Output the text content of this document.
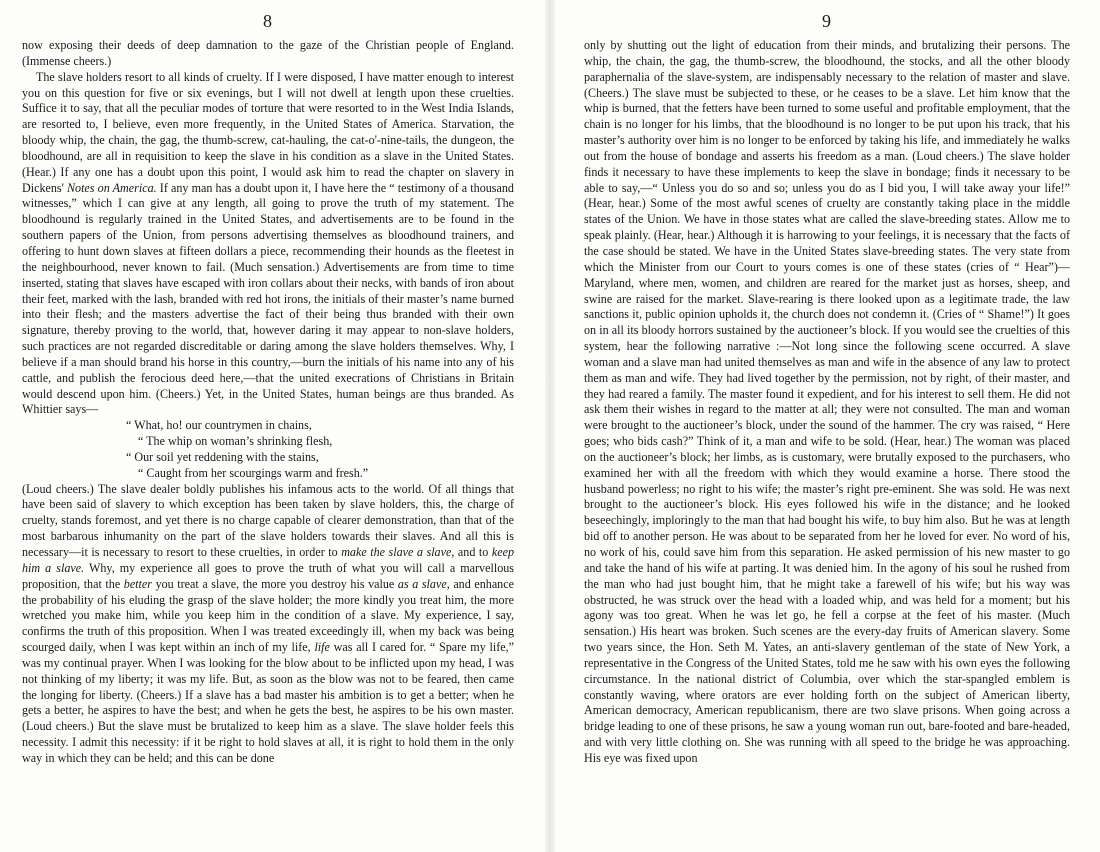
8

now exposing their deeds of deep damnation to the gaze of the Christian people of England. (Immense cheers.)

The slave holders resort to all kinds of cruelty. If I were disposed, I have matter enough to interest you on this question for five or six evenings, but I will not dwell at length upon these cruelties. Suffice it to say, that all the peculiar modes of torture that were resorted to in the West India Islands, are resorted to, I believe, even more frequently, in the United States of America. Starvation, the bloody whip, the chain, the gag, the thumb-screw, cat-hauling, the cat-o'-nine-tails, the dungeon, the bloodhound, are all in requisition to keep the slave in his condition as a slave in the United States. (Hear.) If any one has a doubt upon this point, I would ask him to read the chapter on slavery in Dickens' Notes on America. If any man has a doubt upon it, I have here the “ testimony of a thousand witnesses,” which I can give at any length, all going to prove the truth of my statement. The bloodhound is regularly trained in the United States, and advertisements are to be found in the southern papers of the Union, from persons advertising themselves as bloodhound trainers, and offering to hunt down slaves at fifteen dollars a piece, recommending their hounds as the fleetest in the neighbourhood, never known to fail. (Much sensation.) Advertisements are from time to time inserted, stating that slaves have escaped with iron collars about their necks, with bands of iron about their feet, marked with the lash, branded with red hot irons, the initials of their master’s name burned into their flesh; and the masters advertise the fact of their being thus branded with their own signature, thereby proving to the world, that, however daring it may appear to non-slave holders, such practices are not regarded discreditable or daring among the slave holders themselves. Why, I believe if a man should brand his horse in this country,—burn the initials of his name into any of his cattle, and publish the ferocious deed here,—that the united execrations of Christians in Britain would descend upon him. (Cheers.) Yet, in the United States, human beings are thus branded. As Whittier says—

“ What, ho! our countrymen in chains,
“ The whip on woman’s shrinking flesh,
“ Our soil yet reddening with the stains,
“ Caught from her scourgings warm and fresh.”

(Loud cheers.) The slave dealer boldly publishes his infamous acts to the world. Of all things that have been said of slavery to which exception has been taken by slave holders, this, the charge of cruelty, stands foremost, and yet there is no charge capable of clearer demonstration, than that of the most barbarous inhumanity on the part of the slave holders towards their slaves. And all this is necessary—it is necessary to resort to these cruelties, in order to make the slave a slave, and to keep him a slave. Why, my experience all goes to prove the truth of what you will call a marvellous proposition, that the better you treat a slave, the more you destroy his value as a slave, and enhance the probability of his eluding the grasp of the slave holder; the more kindly you treat him, the more wretched you make him, while you keep him in the condition of a slave. My experience, I say, confirms the truth of this proposition. When I was treated exceedingly ill, when my back was being scourged daily, when I was kept within an inch of my life, life was all I cared for. “ Spare my life,” was my continual prayer. When I was looking for the blow about to be inflicted upon my head, I was not thinking of my liberty; it was my life. But, as soon as the blow was not to be feared, then came the longing for liberty. (Cheers.) If a slave has a bad master his ambition is to get a better; when he gets a better, he aspires to have the best; and when he gets the best, he aspires to be his own master. (Loud cheers.) But the slave must be brutalized to keep him as a slave. The slave holder feels this necessity. I admit this necessity: if it be right to hold slaves at all, it is right to hold them in the only way in which they can be held; and this can be done

9

only by shutting out the light of education from their minds, and brutalizing their persons. The whip, the chain, the gag, the thumb-screw, the bloodhound, the stocks, and all the other bloody paraphernalia of the slave-system, are indispensably necessary to the relation of master and slave. (Cheers.) The slave must be subjected to these, or he ceases to be a slave. Let him know that the whip is burned, that the fetters have been turned to some useful and profitable employment, that the chain is no longer for his limbs, that the bloodhound is no longer to be put upon his track, that his master’s authority over him is no longer to be enforced by taking his life, and immediately he walks out from the house of bondage and asserts his freedom as a man. (Loud cheers.) The slave holder finds it necessary to have these implements to keep the slave in bondage; finds it necessary to be able to say,—“ Unless you do so and so; unless you do as I bid you, I will take away your life!” (Hear, hear.) Some of the most awful scenes of cruelty are constantly taking place in the middle states of the Union. We have in those states what are called the slave-breeding states. Allow me to speak plainly. (Hear, hear.) Although it is harrowing to your feelings, it is necessary that the facts of the case should be stated. We have in the United States slave-breeding states. The very state from which the Minister from our Court to yours comes is one of these states (cries of “ Hear”)—Maryland, where men, women, and children are reared for the market just as horses, sheep, and swine are raised for the market. Slave-rearing is there looked upon as a legitimate trade, the law sanctions it, public opinion upholds it, the church does not condemn it. (Cries of “ Shame!”) It goes on in all its bloody horrors sustained by the auctioneer’s block. If you would see the cruelties of this system, hear the following narrative :—Not long since the following scene occurred. A slave woman and a slave man had united themselves as man and wife in the absence of any law to protect them as man and wife. They had lived together by the permission, not by right, of their master, and they had reared a family. The master found it expedient, and for his interest to sell them. He did not ask them their wishes in regard to the matter at all; they were not consulted. The man and woman were brought to the auctioneer’s block, under the sound of the hammer. The cry was raised, “ Here goes; who bids cash?” Think of it, a man and wife to be sold. (Hear, hear.) The woman was placed on the auctioneer’s block; her limbs, as is customary, were brutally exposed to the purchasers, who examined her with all the freedom with which they would examine a horse. There stood the husband powerless; no right to his wife; the master’s right pre-eminent. She was sold. He was next brought to the auctioneer’s block. His eyes followed his wife in the distance; and he looked beseechingly, imploringly to the man that had bought his wife, to buy him also. But he was at length bid off to another person. He was about to be separated from her he loved for ever. No word of his, no work of his, could save him from this separation. He asked permission of his new master to go and take the hand of his wife at parting. It was denied him. In the agony of his soul he rushed from the man who had just bought him, that he might take a farewell of his wife; but his way was obstructed, he was struck over the head with a loaded whip, and was held for a moment; but his agony was too great. When he was let go, he fell a corpse at the feet of his master. (Much sensation.) His heart was broken. Such scenes are the every-day fruits of American slavery. Some two years since, the Hon. Seth M. Yates, an anti-slavery gentleman of the state of New York, a representative in the Congress of the United States, told me he saw with his own eyes the following circumstance. In the national district of Columbia, over which the star-spangled emblem is constantly waving, where orators are ever holding forth on the subject of American liberty, American democracy, American republicanism, there are two slave prisons. When going across a bridge leading to one of these prisons, he saw a young woman run out, bare-footed and bare-headed, and with very little clothing on. She was running with all speed to the bridge he was approaching. His eye was fixed upon
